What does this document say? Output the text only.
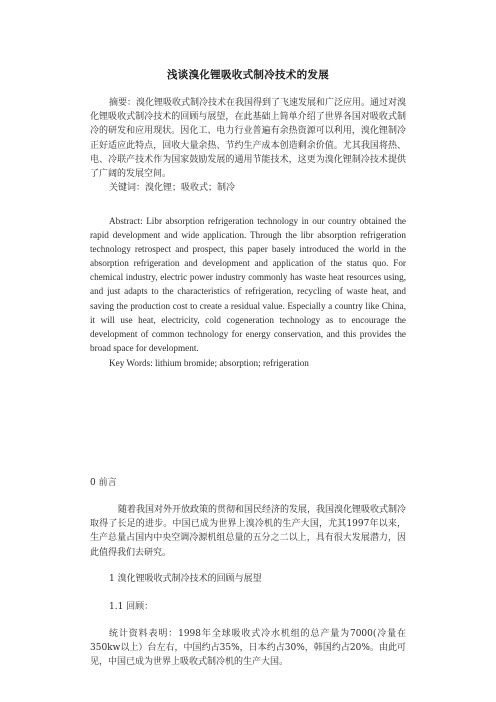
浅谈溴化锂吸收式制冷技术的发展

摘要：溴化锂吸收式制冷技术在我国得到了飞速发展和广泛应用。通过对溴化锂吸收式制冷技术的回顾与展望，在此基础上简单介绍了世界各国对吸收式制冷的研发和应用现状。因化工、电力行业普遍有余热资源可以利用，溴化锂制冷正好适应此特点，回收大量余热、节约生产成本创造剩余价值。尤其我国将热、电、冷联产技术作为国家鼓励发展的通用节能技术，这更为溴化锂制冷技术提供了广阔的发展空间。

关键词：溴化锂；吸收式；制冷

Abstract: Libr absorption refrigeration technology in our country obtained the rapid development and wide application. Through the libr absorption refrigeration technology retrospect and prospect, this paper basely introduced the world in the absorption refrigeration and development and application of the status quo. For chemical industry, electric power industry commonly has waste heat resources using, and just adapts to the characteristics of refrigeration, recycling of waste heat, and saving the production cost to create a residual value. Especially a country like China, it will use heat, electricity, cold cogeneration technology as to encourage the development of common technology for energy conservation, and this provides the broad space for development.

Key Words: lithium bromide; absorption; refrigeration

0 前言

随着我国对外开放政策的贯彻和国民经济的发展，我国溴化锂吸收式制冷取得了长足的进步。中国已成为世界上溴冷机的生产大国，尤其1997年以来，生产总量占国内中央空调冷源机组总量的五分之二以上，具有很大发展潜力，因此值得我们去研究。

1 溴化锂吸收式制冷技术的回顾与展望

1.1 回顾：

统计资料表明：1998年全球吸收式冷水机组的总产量为7000(冷量在350kw以上）台左右，中国约占35%，日本约占30%，韩国约占20%。由此可见，中国已成为世界上吸收式制冷机的生产大国。
